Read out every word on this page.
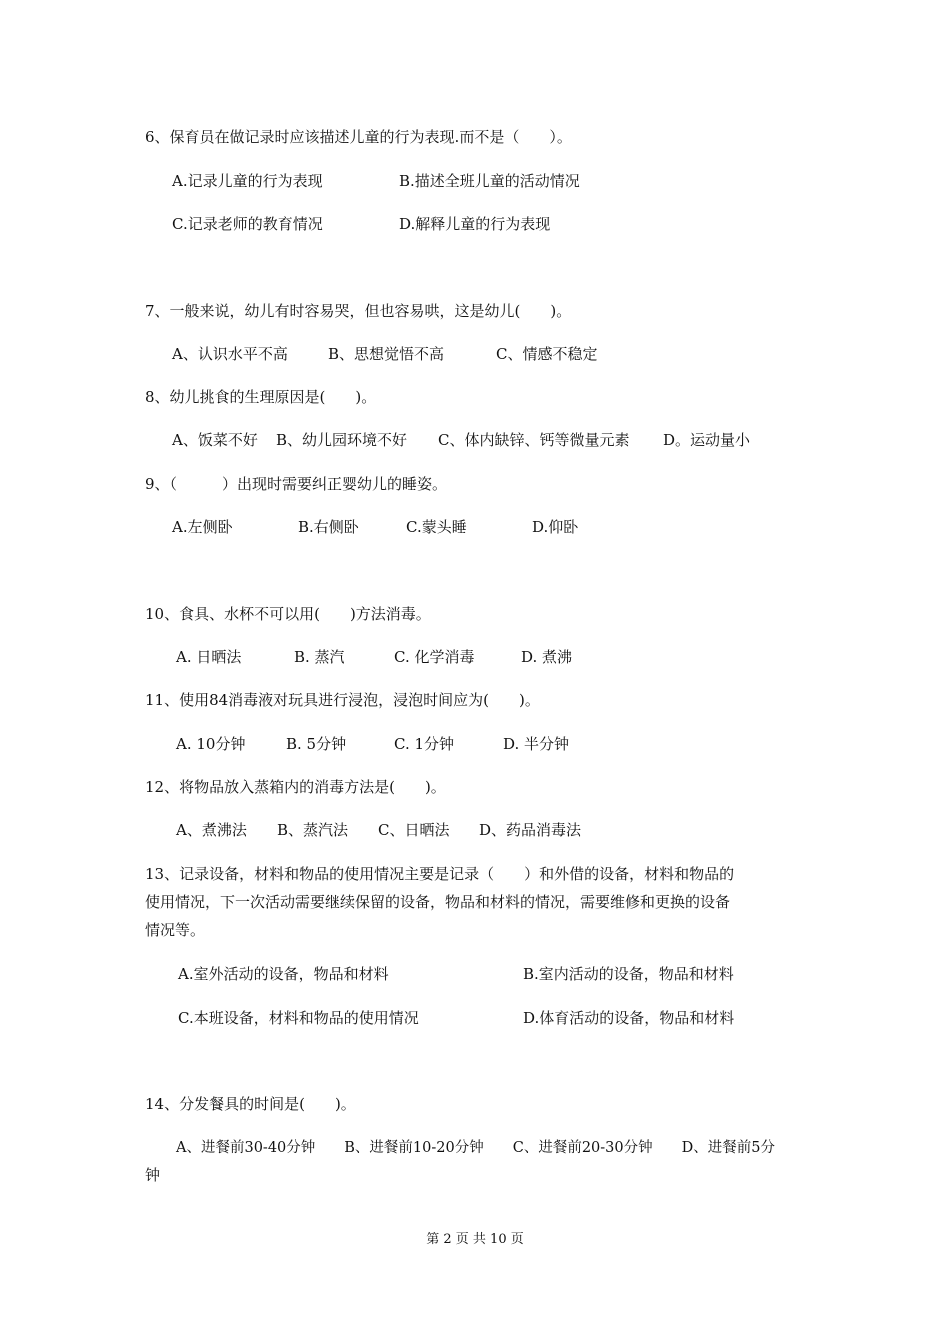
6、保育员在做记录时应该描述儿童的行为表现.而不是（　　）。
A.记录儿童的行为表现	B.描述全班儿童的活动情况
C.记录老师的教育情况	D.解释儿童的行为表现
7、一般来说，幼儿有时容易哭，但也容易哄，这是幼儿(　　)。
A、认识水平不高	B、思想觉悟不高	C、情感不稳定
8、幼儿挑食的生理原因是(　　)。
A、饭菜不好 B、幼儿园环境不好 C、体内缺锌、钙等微量元素 D。运动量小
9、（　　　）出现时需要纠正婴幼儿的睡姿。
A.左侧卧	B.右侧卧	C.蒙头睡	D.仰卧
10、食具、水杯不可以用(　　)方法消毒。
A. 日晒法	B. 蒸汽	C. 化学消毒	D. 煮沸
11、使用84消毒液对玩具进行浸泡，浸泡时间应为(　　)。
A. 10分钟	B. 5分钟	C. 1分钟	D. 半分钟
12、将物品放入蒸箱内的消毒方法是(　　)。
A、煮沸法 B、蒸汽法 C、日晒法 D、药品消毒法
13、记录设备，材料和物品的使用情况主要是记录（　　）和外借的设备，材料和物品的
使用情况，下一次活动需要继续保留的设备，物品和材料的情况，需要维修和更换的设备
情况等。
A.室外活动的设备，物品和材料	B.室内活动的设备，物品和材料
C.本班设备，材料和物品的使用情况	D.体育活动的设备，物品和材料
14、分发餐具的时间是(　　)。
A、进餐前30-40分钟　　B、进餐前10-20分钟　　C、进餐前20-30分钟　　D、进餐前5分
钟
第 2 页 共 10 页
